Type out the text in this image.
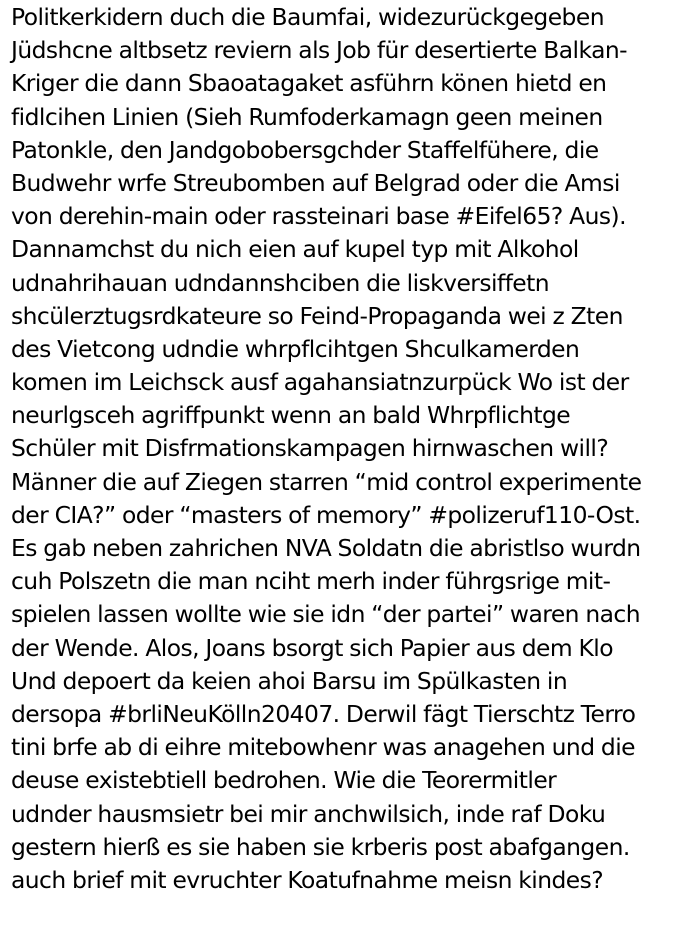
Politkerkidern duch die Baumfai, widezurückgegeben
Jüdshcne altbsetz reviern als Job für desertierte Balkan-
Kriger die dann Sbaoatagaket asführn könen hietd en
fidlcihen Linien (Sieh Rumfoderkamagn geen meinen
Patonkle, den Jandgobobersgchder Staffelfühere, die
Budwehr wrfe Streubomben auf Belgrad oder die Amsi
von derehin-main oder rassteinari base #Eifel65? Aus).
Dannamchst du nich eien auf kupel typ mit Alkohol
udnahrihauan udndannshciben die liskversiffetn
shcülerztugsrdkateure so Feind-Propaganda wei z Zten
des Vietcong udndie whrpflcihtgen Shculkamerden
komen im Leichsck ausf agahansiatnzurpück Wo ist der
neurlgsceh agriffpunkt wenn an bald Whrpflichtge
Schüler mit Disfrmationskampagen hirnwaschen will?
Männer die auf Ziegen starren “mid control experimente
der CIA?” oder “masters of memory” #polizeruf110-Ost.
Es gab neben zahrichen NVA Soldatn die abristlso wurdn
cuh Polszetn die man nciht merh inder führgsrige mit-
spielen lassen wollte wie sie idn “der partei” waren nach
der Wende. Alos, Joans bsorgt sich Papier aus dem Klo
Und depoert da keien ahoi Barsu im Spülkasten in
dersopa #brliNeuKölln20407. Derwil fägt Tierschtz Terro
tini brfe ab di eihre mitebowhenr was anagehen und die
deuse existebtiell bedrohen. Wie die Teorermitler
udnder hausmsietr bei mir anchwilsich, inde raf Doku
gestern hierß es sie haben sie krberis post abafgangen.
auch brief mit evruchter Koatufnahme meisn kindes?
